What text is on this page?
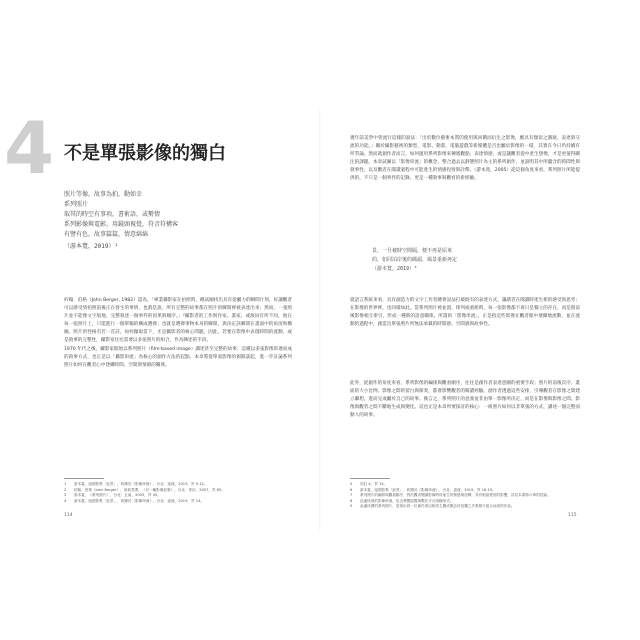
4 不是單張影像的獨白
照片等像，故事為拍，動如幸
系列照片
取其的時空有事項，書術語，或勢情
系列影像與電影，用鏡頭視覺，符音符構客
有譬有色，故事篇篇，情意綿綿
（游本寬，2019）¹

約翰．伯格（John Berger, 1982）認為，「專業攝影家在拍照時，總試圖找出具有從屬力的瞬間片刻，好讓觀者可以感受到拍照前後正在發生的事情，也就是說，所有完整的故事都在照片的瞬間裡被表達出來；然而，一張照片並不能像文字般地，完整敘述一個事件的因果與順序。」²攝影者的工作與作家、畫家、或演員有所不同，他在每一張照片上，只能進行一個單獨的構成選擇；也就是選擇事物本身的瞬間，與決定該瞬間在畫面中的角度和構圖。照片的性格有若一首詩，如何擷取當下，才是攝影者的核心問題。因此，若要在影像中表現時間的流動，或是敘事的完整性，攝影家往往需要以多張照片的組合，作為陳述的手段。

1970 年代之後，攝影家開始以系列照片（film-based image）講述甚至完整的故事；這種以多張影像串連而成的敘事方式，也正是以「攝影串流」為核心的創作方法的起點。本章將從單張影像的侷限談起，進一步討論系列照片如何在觀者心中建構時間、空間與情節的關係。

1	游本寬，組照影集「此景」，收錄於《影像串流》，台北：遠流，2019，頁 9-12。
2	約翰．伯格（John Berger），吳莉君譯，《另一種影像敘事》，台北：麥田，2007，頁 85。
3	游本寬，《系列照片》，台北：五南，2005，頁 45。
4	游本寬，組照影集「此景」，收錄於《影像串流》，台北：遠流，2019，頁 14。
114

幾年前美學中曾流行這樣的說法：「出於數位藝術本質的使用與回饋而衍生之影像，應具有類似之溝通、表達與交流的功能。」關於攝影藝術的類型，電影、動畫、電腦遊戲等新媒體是否也屬於影像的一環，其實在今日仍持續有所爭論。然而就創作者而言，如何運用系列影像來傳遞觀點、表達情感，或是讓觀者從中產生想像，才是更值得關注的課題。本章試圖以「影像串流」的概念，整合過去以靜態照片為主的系列創作，並說明其中所蘊含的時間性與敘事性，以及觀者在閱讀過程中可能產生的情感投射與詮釋。（游本寬，2005）從這個角度來看，系列照片所能提供的，不只是一個事件的記錄，更是一種敘事與觀看的新經驗。

景，一旦被時空間隔，便不再是原來
的，如同泊岸後的碼頭，風景重新再定
（游本寬，2019）³

就語言系統來看，具有創造力的文字工作者總會設法打破既有的表達方式，讓讀者在閱讀時產生新的感受與思考；在影像的世界裡，也同樣如此。當系列照片被並置、排列或重組時，每一張影像都不再只是獨立的存在，而是與前後影像相互牽引，形成一種新的語意關係。所謂的「影像串流」，正是指這些影像在觀者眼中連續地流動，並在流動的過程中，創造出單張照片所無法承載的時間感、空間感與故事性。

此外，從創作的角度來看，系列影像的編排與觀看順序，往往是創作者表達意圖的重要手段；照片的前後次序、畫面的大小比例、影像之間的留白與節奏，都會影響觀者的閱讀經驗。創作者透過這些安排，引導觀者在影像之間建立聯想，進而完成屬於自己的故事。換言之，系列照片的意義並非由單一影像所決定，而是在影像與影像之間、影像與觀者之間不斷地生成與變化。這也正是本章所要探討的核心：一組照片如何以非單張的方式，講述一個完整而動人的故事。

5	同註 4，頁 15。
6	游本寬，組照影集「此景」，收錄於《影像串流》，台北：遠流，2019，頁 18-19。
7	系列照片的編排與觀看順序，對於觀者閱讀影像時所產生的情感與詮釋，具有相當程度的影響，詳見本書第六章的討論。
8	此處所指的影像串流，包含實體展覽與數位平台兩種形式。
9	此處所謂的系列照片，是指由同一位創作者以相同主題或概念所拍攝之多張照片組合而成的作品。
115
